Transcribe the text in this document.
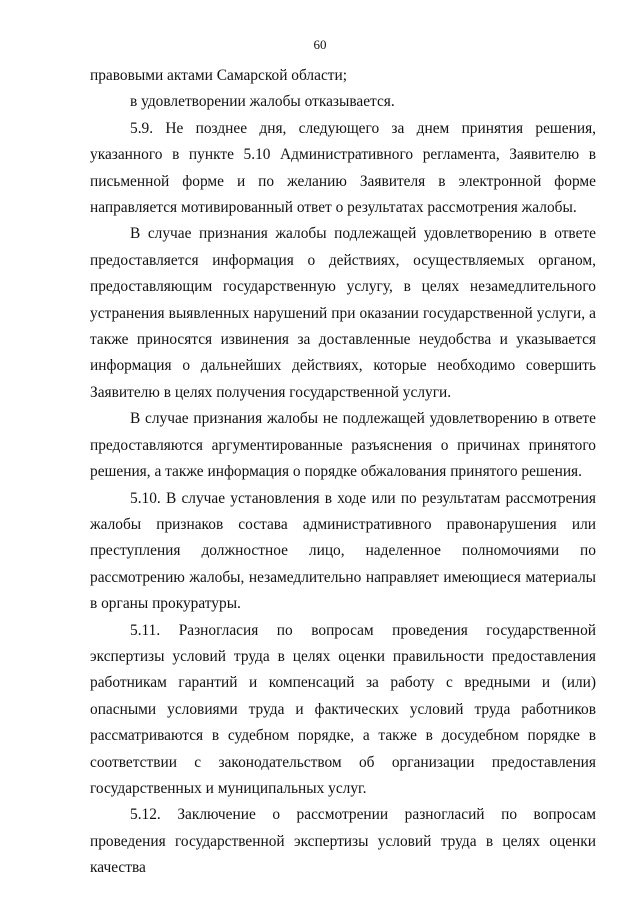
60

правовыми актами Самарской области;

в удовлетворении жалобы отказывается.

5.9. Не позднее дня, следующего за днем принятия решения, указанного в пункте 5.10 Административного регламента, Заявителю в письменной форме и по желанию Заявителя в электронной форме направляется мотивированный ответ о результатах рассмотрения жалобы.

В случае признания жалобы подлежащей удовлетворению в ответе предоставляется информация о действиях, осуществляемых органом, предоставляющим государственную услугу, в целях незамедлительного устранения выявленных нарушений при оказании государственной услуги, а также приносятся извинения за доставленные неудобства и указывается информация о дальнейших действиях, которые необходимо совершить Заявителю в целях получения государственной услуги.

В случае признания жалобы не подлежащей удовлетворению в ответе предоставляются аргументированные разъяснения о причинах принятого решения, а также информация о порядке обжалования принятого решения.

5.10. В случае установления в ходе или по результатам рассмотрения жалобы признаков состава административного правонарушения или преступления должностное лицо, наделенное полномочиями по рассмотрению жалобы, незамедлительно направляет имеющиеся материалы в органы прокуратуры.

5.11. Разногласия по вопросам проведения государственной экспертизы условий труда в целях оценки правильности предоставления работникам гарантий и компенсаций за работу с вредными и (или) опасными условиями труда и фактических условий труда работников рассматриваются в судебном порядке, а также в досудебном порядке в соответствии с законодательством об организации предоставления государственных и муниципальных услуг.

5.12. Заключение о рассмотрении разногласий по вопросам проведения государственной экспертизы условий труда в целях оценки качества
